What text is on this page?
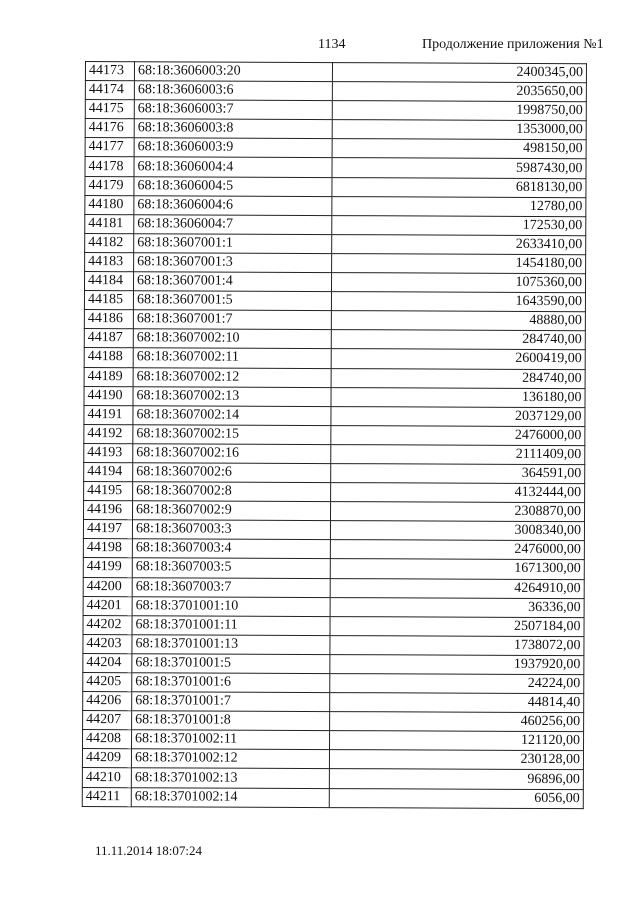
1134	Продолжение приложения №1
44173	68:18:3606003:20	2400345,00
44174	68:18:3606003:6	2035650,00
44175	68:18:3606003:7	1998750,00
44176	68:18:3606003:8	1353000,00
44177	68:18:3606003:9	498150,00
44178	68:18:3606004:4	5987430,00
44179	68:18:3606004:5	6818130,00
44180	68:18:3606004:6	12780,00
44181	68:18:3606004:7	172530,00
44182	68:18:3607001:1	2633410,00
44183	68:18:3607001:3	1454180,00
44184	68:18:3607001:4	1075360,00
44185	68:18:3607001:5	1643590,00
44186	68:18:3607001:7	48880,00
44187	68:18:3607002:10	284740,00
44188	68:18:3607002:11	2600419,00
44189	68:18:3607002:12	284740,00
44190	68:18:3607002:13	136180,00
44191	68:18:3607002:14	2037129,00
44192	68:18:3607002:15	2476000,00
44193	68:18:3607002:16	2111409,00
44194	68:18:3607002:6	364591,00
44195	68:18:3607002:8	4132444,00
44196	68:18:3607002:9	2308870,00
44197	68:18:3607003:3	3008340,00
44198	68:18:3607003:4	2476000,00
44199	68:18:3607003:5	1671300,00
44200	68:18:3607003:7	4264910,00
44201	68:18:3701001:10	36336,00
44202	68:18:3701001:11	2507184,00
44203	68:18:3701001:13	1738072,00
44204	68:18:3701001:5	1937920,00
44205	68:18:3701001:6	24224,00
44206	68:18:3701001:7	44814,40
44207	68:18:3701001:8	460256,00
44208	68:18:3701002:11	121120,00
44209	68:18:3701002:12	230128,00
44210	68:18:3701002:13	96896,00
44211	68:18:3701002:14	6056,00
11.11.2014 18:07:24
